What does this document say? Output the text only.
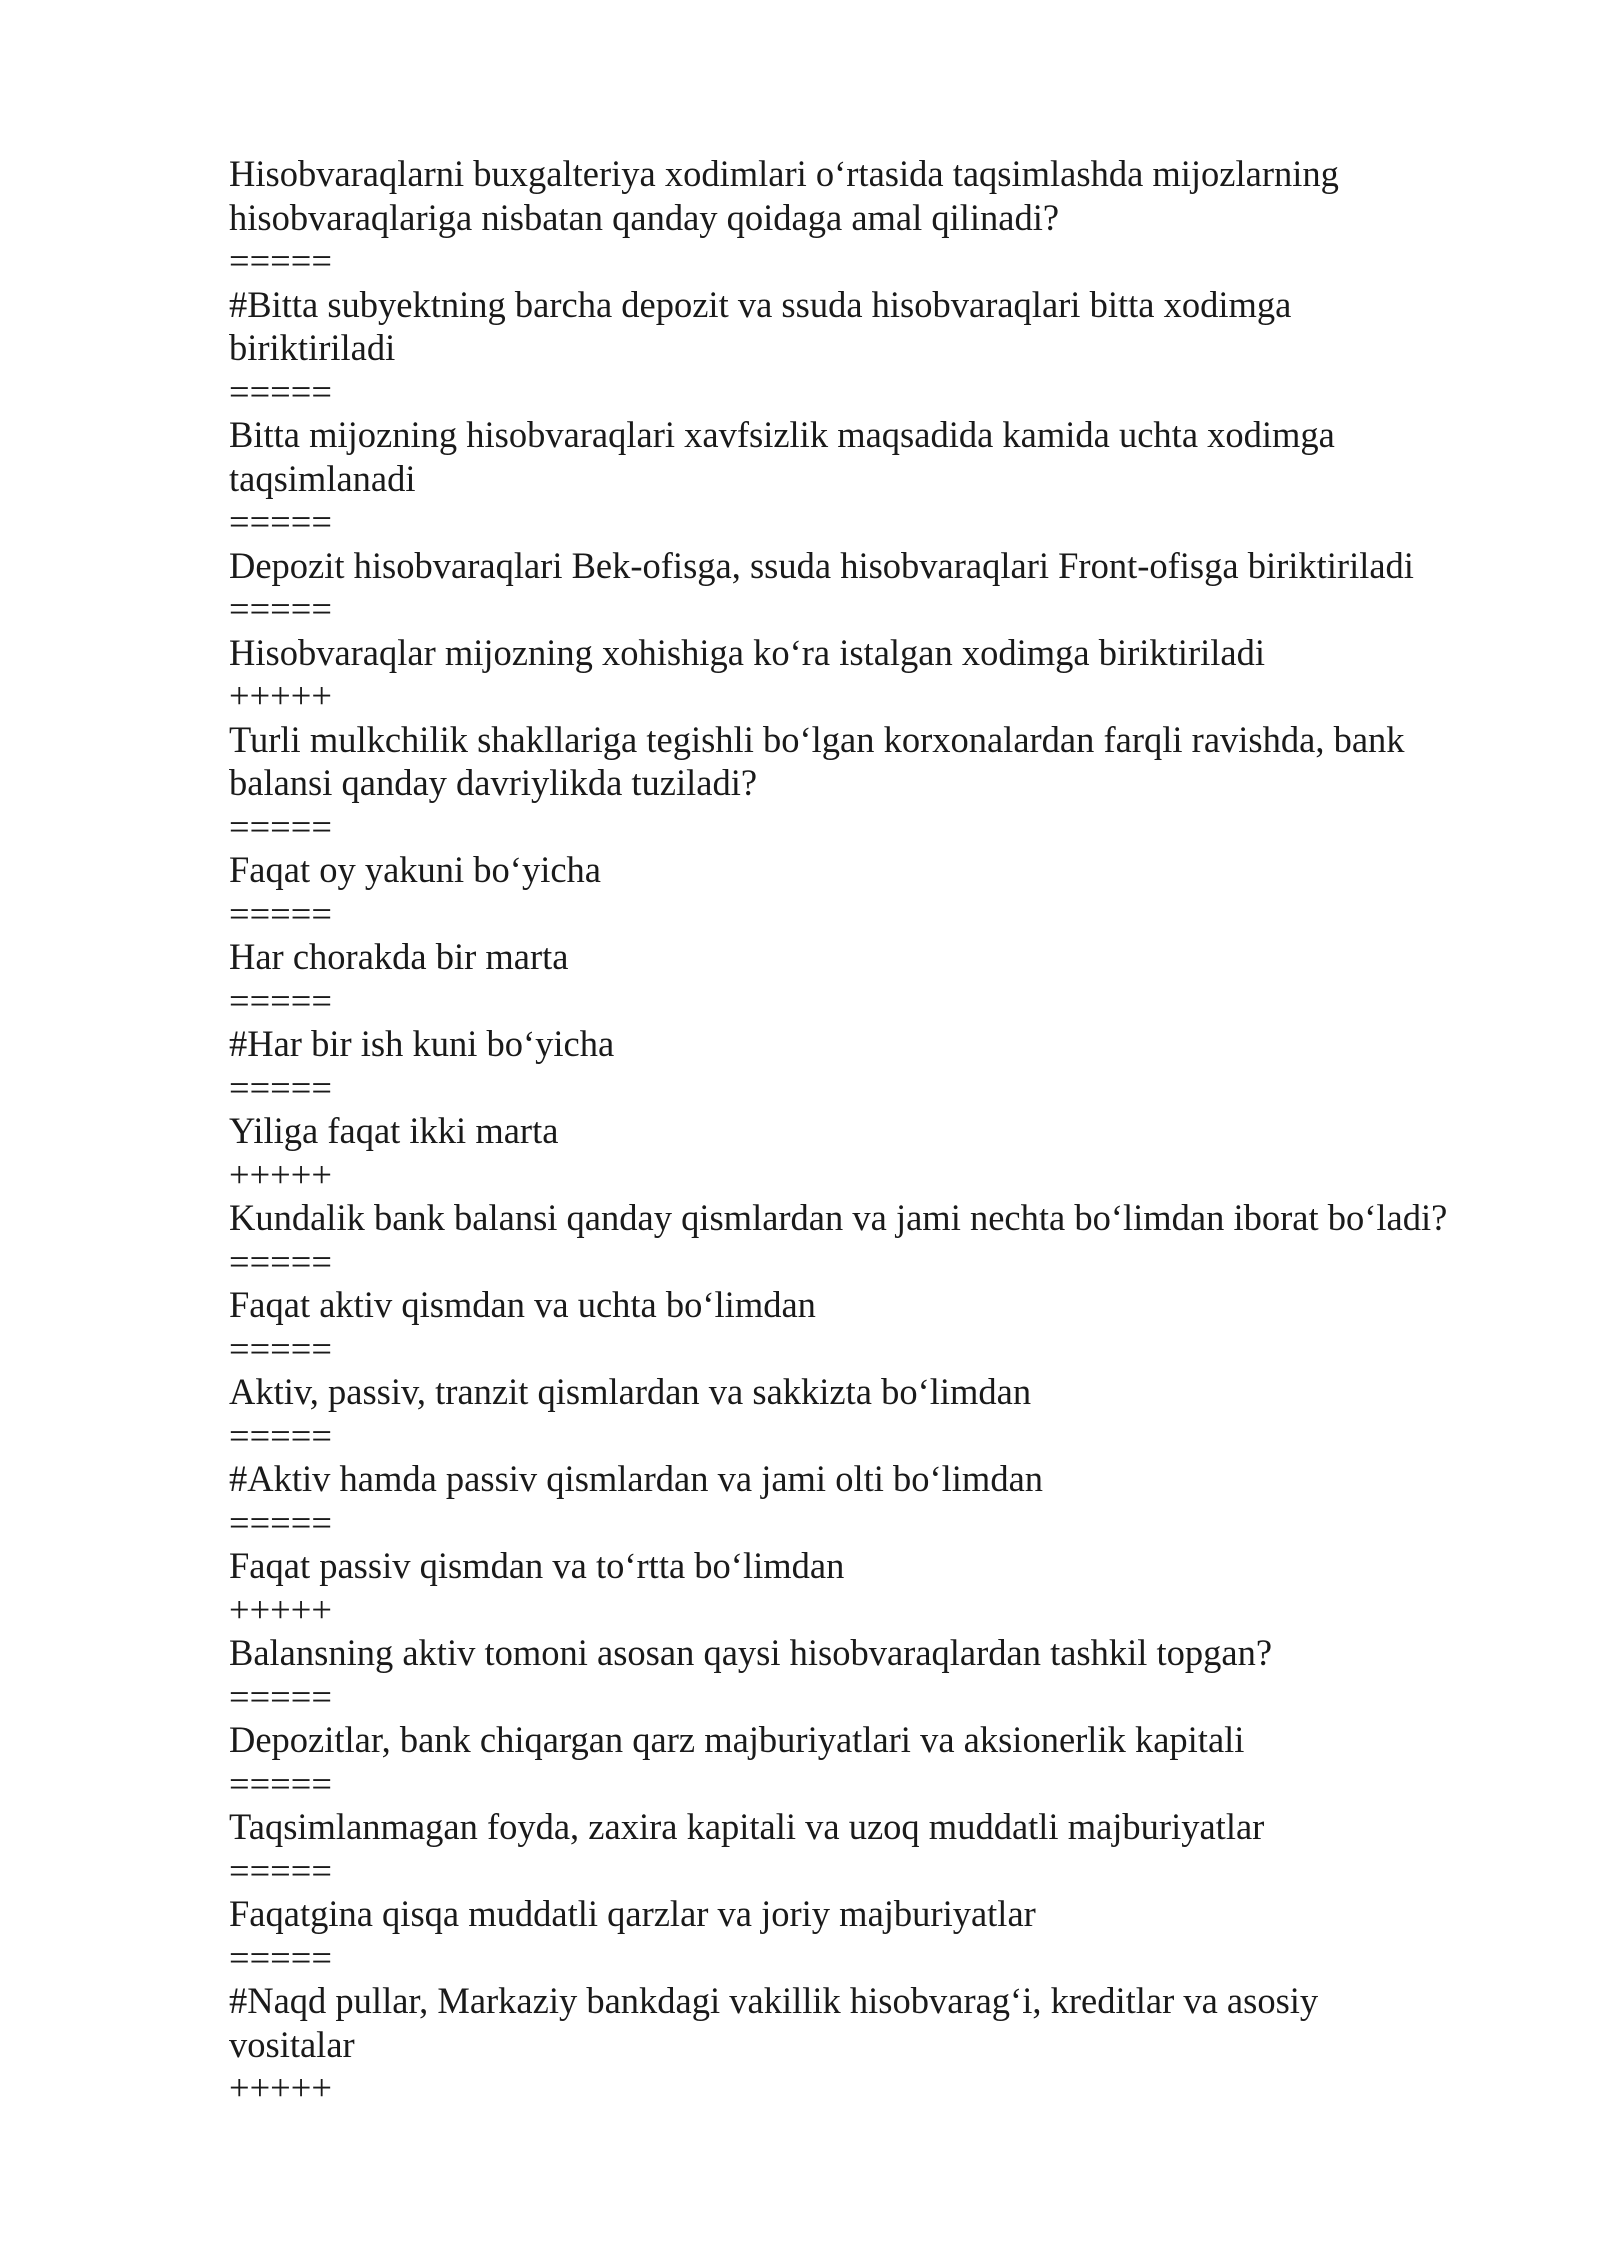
Hisobvaraqlarni buxgalteriya xodimlari o‘rtasida taqsimlashda mijozlarning
hisobvaraqlariga nisbatan qanday qoidaga amal qilinadi?
=====
#Bitta subyektning barcha depozit va ssuda hisobvaraqlari bitta xodimga
biriktiriladi
=====
Bitta mijozning hisobvaraqlari xavfsizlik maqsadida kamida uchta xodimga
taqsimlanadi
=====
Depozit hisobvaraqlari Bek-ofisga, ssuda hisobvaraqlari Front-ofisga biriktiriladi
=====
Hisobvaraqlar mijozning xohishiga ko‘ra istalgan xodimga biriktiriladi
+++++
Turli mulkchilik shakllariga tegishli bo‘lgan korxonalardan farqli ravishda, bank
balansi qanday davriylikda tuziladi?
=====
Faqat oy yakuni bo‘yicha
=====
Har chorakda bir marta
=====
#Har bir ish kuni bo‘yicha
=====
Yiliga faqat ikki marta
+++++
Kundalik bank balansi qanday qismlardan va jami nechta bo‘limdan iborat bo‘ladi?
=====
Faqat aktiv qismdan va uchta bo‘limdan
=====
Aktiv, passiv, tranzit qismlardan va sakkizta bo‘limdan
=====
#Aktiv hamda passiv qismlardan va jami olti bo‘limdan
=====
Faqat passiv qismdan va to‘rtta bo‘limdan
+++++
Balansning aktiv tomoni asosan qaysi hisobvaraqlardan tashkil topgan?
=====
Depozitlar, bank chiqargan qarz majburiyatlari va aksionerlik kapitali
=====
Taqsimlanmagan foyda, zaxira kapitali va uzoq muddatli majburiyatlar
=====
Faqatgina qisqa muddatli qarzlar va joriy majburiyatlar
=====
#Naqd pullar, Markaziy bankdagi vakillik hisobvarag‘i, kreditlar va asosiy
vositalar
+++++
